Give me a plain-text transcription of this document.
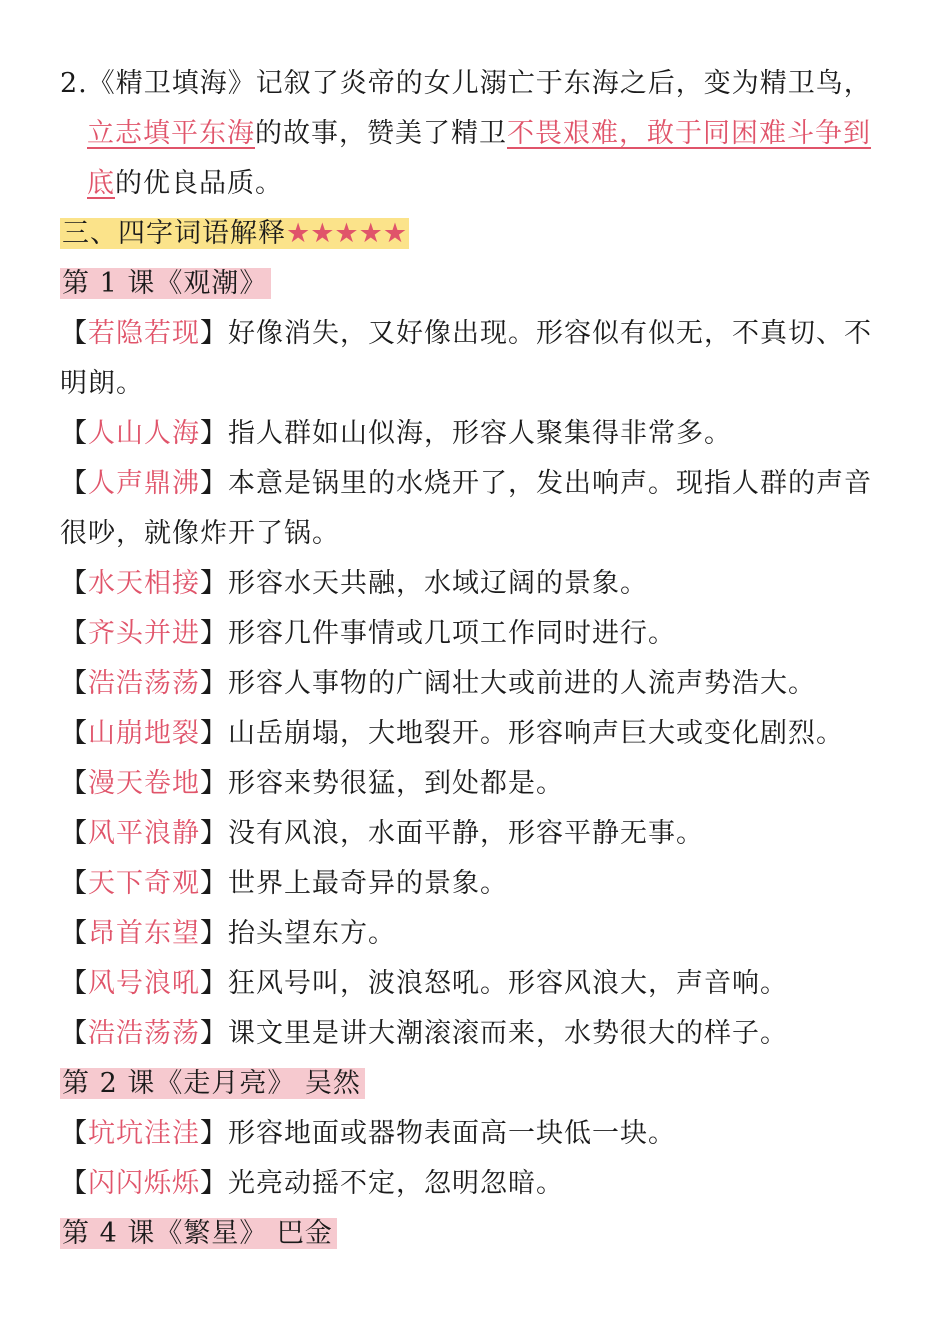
2.《精卫填海》记叙了炎帝的女儿溺亡于东海之后，变为精卫鸟，
立志填平东海的故事，赞美了精卫不畏艰难，敢于同困难斗争到
底的优良品质。
三、四字词语解释★★★★★
第 1 课《观潮》
【若隐若现】好像消失，又好像出现。形容似有似无，不真切、不
明朗。
【人山人海】指人群如山似海，形容人聚集得非常多。
【人声鼎沸】本意是锅里的水烧开了，发出响声。现指人群的声音
很吵，就像炸开了锅。
【水天相接】形容水天共融，水域辽阔的景象。
【齐头并进】形容几件事情或几项工作同时进行。
【浩浩荡荡】形容人事物的广阔壮大或前进的人流声势浩大。
【山崩地裂】山岳崩塌，大地裂开。形容响声巨大或变化剧烈。
【漫天卷地】形容来势很猛，到处都是。
【风平浪静】没有风浪，水面平静，形容平静无事。
【天下奇观】世界上最奇异的景象。
【昂首东望】抬头望东方。
【风号浪吼】狂风号叫，波浪怒吼。形容风浪大，声音响。
【浩浩荡荡】课文里是讲大潮滚滚而来，水势很大的样子。
第 2 课《走月亮》 吴然
【坑坑洼洼】形容地面或器物表面高一块低一块。
【闪闪烁烁】光亮动摇不定，忽明忽暗。
第 4 课《繁星》 巴金
